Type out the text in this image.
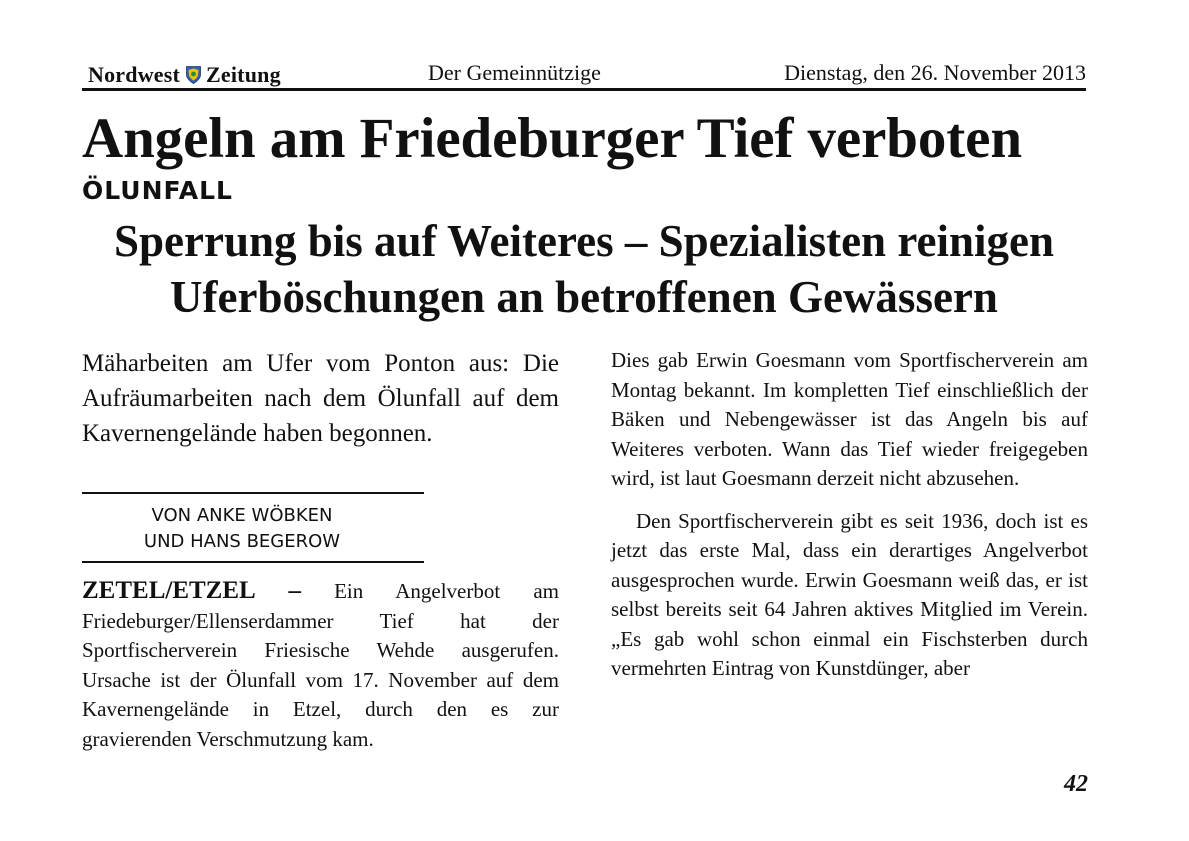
Nordwest Zeitung	Der Gemeinnützige	Dienstag, den 26. November 2013
Angeln am Friedeburger Tief verboten
ÖLUNFALL
Sperrung bis auf Weiteres – Spezialisten reinigen Uferböschungen an betroffenen Gewässern

Mäharbeiten am Ufer vom Ponton aus: Die Aufräumarbeiten nach dem Ölunfall auf dem Kavernengelände haben begonnen.

VON ANKE WÖBKEN
UND HANS BEGEROW

ZETEL/ETZEL – Ein Angelverbot am Friedeburger/Ellenserdammer Tief hat der Sportfischerverein Friesische Wehde ausgerufen. Ursache ist der Ölunfall vom 17. November auf dem Kavernengelände in Etzel, durch den es zur gravierenden Verschmutzung kam.

Dies gab Erwin Goesmann vom Sportfischerverein am Montag bekannt. Im kompletten Tief einschließlich der Bäken und Nebengewässer ist das Angeln bis auf Weiteres verboten. Wann das Tief wieder freigegeben wird, ist laut Goesmann derzeit nicht abzusehen.

Den Sportfischerverein gibt es seit 1936, doch ist es jetzt das erste Mal, dass ein derartiges Angelverbot ausgesprochen wurde. Erwin Goesmann weiß das, er ist selbst bereits seit 64 Jahren aktives Mitglied im Verein. „Es gab wohl schon einmal ein Fischsterben durch vermehrten Eintrag von Kunstdünger, aber

42
